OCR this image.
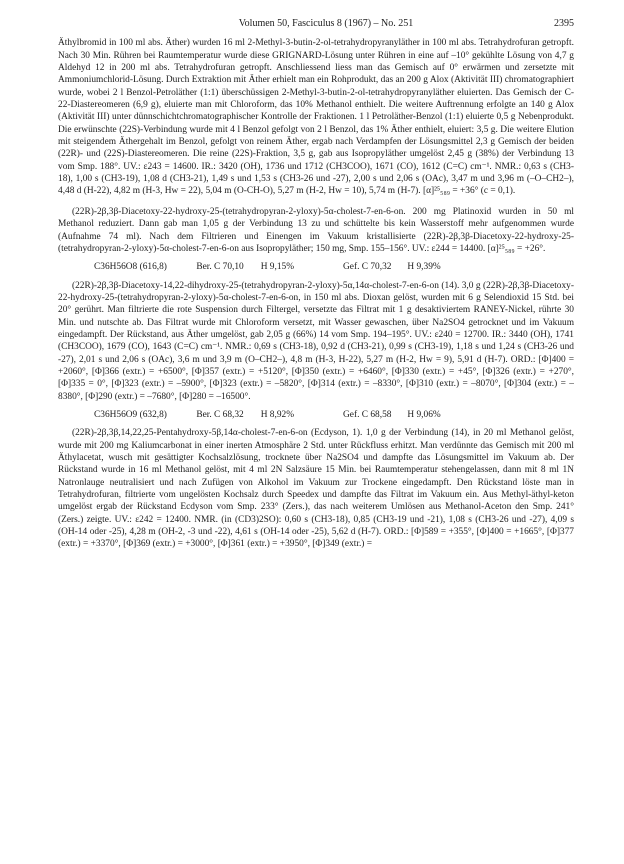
Volumen 50, Fasciculus 8 (1967) – No. 251	2395

Äthylbromid in 100 ml abs. Äther) wurden 16 ml 2-Methyl-3-butin-2-ol-tetrahydropyranyläther in 100 ml abs. Tetrahydrofuran getropft. Nach 30 Min. Rühren bei Raumtemperatur wurde diese GRIGNARD-Lösung unter Rühren in eine auf –10° gekühlte Lösung von 4,7 g Aldehyd 12 in 200 ml abs. Tetrahydrofuran getropft. Anschliessend liess man das Gemisch auf 0° erwärmen und zersetzte mit Ammoniumchlorid-Lösung. Durch Extraktion mit Äther erhielt man ein Rohprodukt, das an 200 g Alox (Aktivität III) chromatographiert wurde, wobei 2 l Benzol-Petroläther (1:1) überschüssigen 2-Methyl-3-butin-2-ol-tetrahydropyranyläther eluierten. Das Gemisch der C-22-Diastereomeren (6,9 g), eluierte man mit Chloroform, das 10% Methanol enthielt. Die weitere Auftrennung erfolgte an 140 g Alox (Aktivität III) unter dünnschichtchromatographischer Kontrolle der Fraktionen. 1 l Petroläther-Benzol (1:1) eluierte 0,5 g Nebenprodukt. Die erwünschte (22S)-Verbindung wurde mit 4 l Benzol gefolgt von 2 l Benzol, das 1% Äther enthielt, eluiert: 3,5 g. Die weitere Elution mit steigendem Äthergehalt im Benzol, gefolgt von reinem Äther, ergab nach Verdampfen der Lösungsmittel 2,3 g Gemisch der beiden (22R)- und (22S)-Diastereomeren. Die reine (22S)-Fraktion, 3,5 g, gab aus Isopropyläther umgelöst 2,45 g (38%) der Verbindung 13 vom Smp. 188°. UV.: ε243 = 14600. IR.: 3420 (OH), 1736 und 1712 (CH3COO), 1671 (CO), 1612 (C=C) cm⁻¹. NMR.: 0,63 s (CH3-18), 1,00 s (CH3-19), 1,08 d (CH3-21), 1,49 s und 1,53 s (CH3-26 und -27), 2,00 s und 2,06 s (OAc), 3,47 m und 3,96 m (–O–CH2–), 4,48 d (H-22), 4,82 m (H-3, Hw = 22), 5,04 m (O-CH-O), 5,27 m (H-2, Hw = 10), 5,74 m (H-7). [α]²⁵₅₈₉ = +36° (c = 0,1).

(22R)-2β,3β-Diacetoxy-22-hydroxy-25-(tetrahydropyran-2-yloxy)-5α-cholest-7-en-6-on. 200 mg Platinoxid wurden in 50 ml Methanol reduziert. Dann gab man 1,05 g der Verbindung 13 zu und schüttelte bis kein Wasserstoff mehr aufgenommen wurde (Aufnahme 74 ml). Nach dem Filtrieren und Einengen im Vakuum kristallisierte (22R)-2β,3β-Diacetoxy-22-hydroxy-25-(tetrahydropyran-2-yloxy)-5α-cholest-7-en-6-on aus Isopropyläther; 150 mg, Smp. 155–156°. UV.: ε244 = 14400. [α]²⁵₅₈₉ = +26°.

C36H56O8 (616,8)	Ber. C 70,10 H 9,15%	Gef. C 70,32 H 9,39%

(22R)-2β,3β-Diacetoxy-14,22-dihydroxy-25-(tetrahydropyran-2-yloxy)-5α,14α-cholest-7-en-6-on (14). 3,0 g (22R)-2β,3β-Diacetoxy-22-hydroxy-25-(tetrahydropyran-2-yloxy)-5α-cholest-7-en-6-on, in 150 ml abs. Dioxan gelöst, wurden mit 6 g Selendioxid 15 Std. bei 20° gerührt. Man filtrierte die rote Suspension durch Filtergel, versetzte das Filtrat mit 1 g desaktiviertem RANEY-Nickel, rührte 30 Min. und nutschte ab. Das Filtrat wurde mit Chloroform versetzt, mit Wasser gewaschen, über Na2SO4 getrocknet und im Vakuum eingedampft. Der Rückstand, aus Äther umgelöst, gab 2,05 g (66%) 14 vom Smp. 194–195°. UV.: ε240 = 12700. IR.: 3440 (OH), 1741 (CH3COO), 1679 (CO), 1643 (C=C) cm⁻¹. NMR.: 0,69 s (CH3-18), 0,92 d (CH3-21), 0,99 s (CH3-19), 1,18 s und 1,24 s (CH3-26 und -27), 2,01 s und 2,06 s (OAc), 3,6 m und 3,9 m (O–CH2–), 4,8 m (H-3, H-22), 5,27 m (H-2, Hw = 9), 5,91 d (H-7). ORD.: [Φ]400 = +2060°, [Φ]366 (extr.) = +6500°, [Φ]357 (extr.) = +5120°, [Φ]350 (extr.) = +6460°, [Φ]330 (extr.) = +45°, [Φ]326 (extr.) = +270°, [Φ]335 = 0°, [Φ]323 (extr.) = –5900°, [Φ]323 (extr.) = –5820°, [Φ]314 (extr.) = –8330°, [Φ]310 (extr.) = –8070°, [Φ]304 (extr.) = –8380°, [Φ]290 (extr.) = –7680°, [Φ]280 = –16500°.

C36H56O9 (632,8)	Ber. C 68,32 H 8,92%	Gef. C 68,58 H 9,06%

(22R)-2β,3β,14,22,25-Pentahydroxy-5β,14α-cholest-7-en-6-on (Ecdyson, 1). 1,0 g der Verbindung (14), in 20 ml Methanol gelöst, wurde mit 200 mg Kaliumcarbonat in einer inerten Atmosphäre 2 Std. unter Rückfluss erhitzt. Man verdünnte das Gemisch mit 200 ml Äthylacetat, wusch mit gesättigter Kochsalzlösung, trocknete über Na2SO4 und dampfte das Lösungsmittel im Vakuum ab. Der Rückstand wurde in 16 ml Methanol gelöst, mit 4 ml 2N Salzsäure 15 Min. bei Raumtemperatur stehengelassen, dann mit 8 ml 1N Natronlauge neutralisiert und nach Zufügen von Alkohol im Vakuum zur Trockene eingedampft. Den Rückstand löste man in Tetrahydrofuran, filtrierte vom ungelösten Kochsalz durch Speedex und dampfte das Filtrat im Vakuum ein. Aus Methyl-äthyl-keton umgelöst ergab der Rückstand Ecdyson vom Smp. 233° (Zers.), das nach weiterem Umlösen aus Methanol-Aceton den Smp. 241° (Zers.) zeigte. UV.: ε242 = 12400. NMR. (in (CD3)2SO): 0,60 s (CH3-18), 0,85 (CH3-19 und -21), 1,08 s (CH3-26 und -27), 4,09 s (OH-14 oder -25), 4,28 m (OH-2, -3 und -22), 4,61 s (OH-14 oder -25), 5,62 d (H-7). ORD.: [Φ]589 = +355°, [Φ]400 = +1665°, [Φ]377 (extr.) = +3370°, [Φ]369 (extr.) = +3000°, [Φ]361 (extr.) = +3950°, [Φ]349 (extr.) =
